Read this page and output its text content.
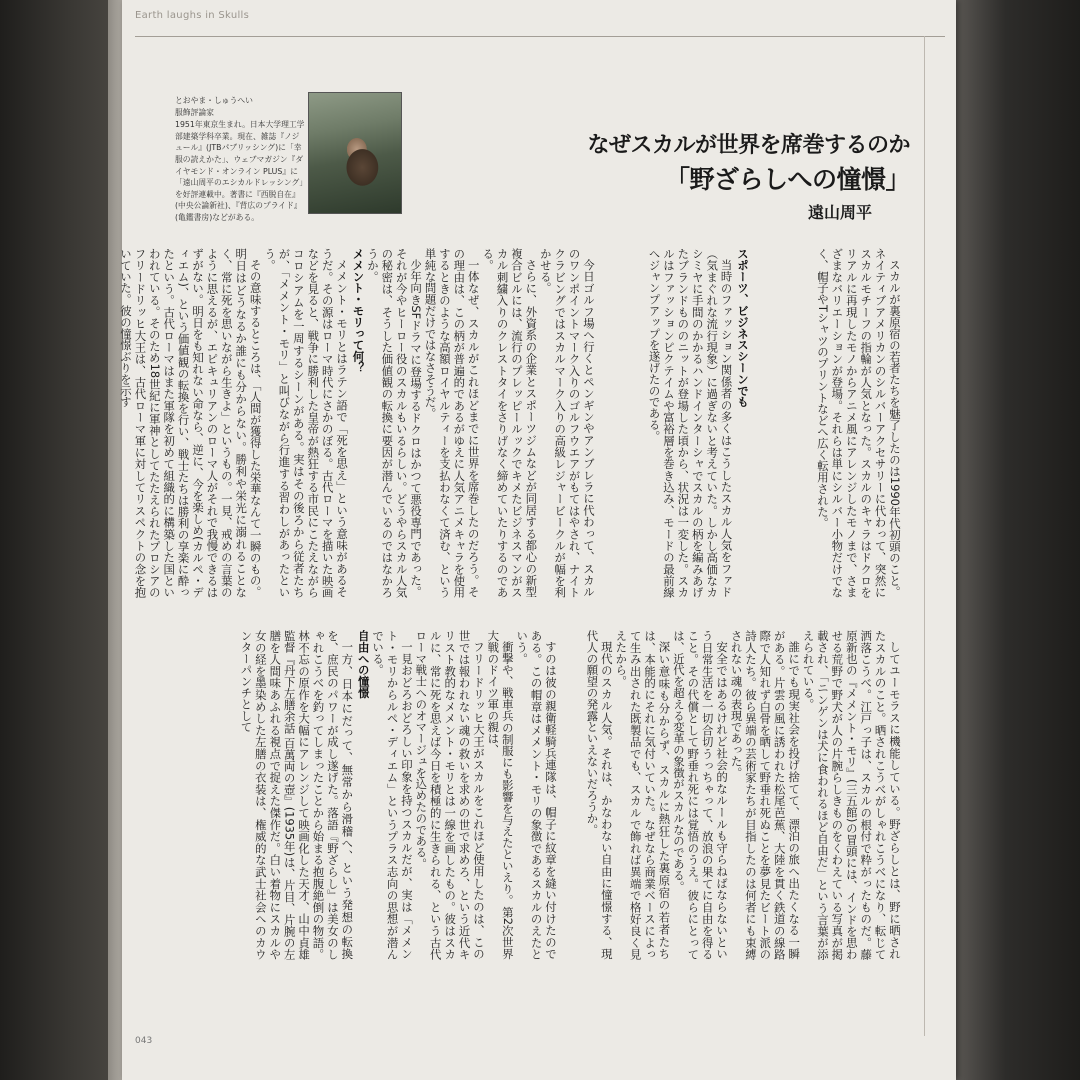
Earth laughs in Skulls
とおやま・しゅうへい
服飾評論家
1951年東京生まれ。日本大学理工学部建築学科卒業。現在、雑誌『ノジュール』(JTBパブリッシング)に「幸服の読えかた」、ウェブマガジン『ダイヤモンド・オンライン PLUS』に「遠山周平のエシカルドレッシング」を好評連載中。著書に『西脱自在』(中央公論新社)、『背広のプライド』(亀鑑書房)などがある。
なぜスカルが世界を席巻するのか
「野ざらしへの憧憬」
遠山周平

スカルが裏原宿の若者たちを魅了したのは1990年代初頭のこと。ネイティブアメリカンのシルバーアクセサリーに代わって、突然にスカルモチーフの指輪が人気となった。スカルのキャラはドクロをリアルに再現したモノからアニメ風にアレンジしたモノまで、さまざまなバリエーションが登場。それらは単にシルバー小物だけでなく、帽子やTシャツのプリントなどへ広く転用された。

スポーツ、ビジネスシーンでも

当時のファッション関係者の多くはこうしたスカル人気をファド（気まぐれな流行現象）に過ぎないと考えていた。しかし高価なカシミヤに手間のかかるハンドインターシャでスカルの柄を編みあげたブランドもののニットが登場した頃から、状況は一変した。スカルはファッションピクテイムや富裕層を巻き込み、モードの最前線へジャンプアップを遂げたのである。

今日ゴルフ場へ行くとペンギンやアンブレラに代わって、スカルのワンポイントマーク入りのゴルフウエアがもてはやされ、ナイトクラビングではスカルマーク入りの高級レジャービークルが幅を利かせる。

さらに、外資系の企業とスポーツジムなどが同居する都心の新型複合ビルには、流行のプレッピールックでキメたビジネスマンがスカル刺繍入りのクレストタイをさりげなく締めていたりするのである。

一体なぜ、スカルがこれほどまでに世界を席巻したのだろう。その理由は、この柄が普遍的であるがゆえに人気アニメキャラを使用するときのような高額ロイヤルティーを支払わなくて済む、という単純な問題だけではなさそうだ。

少年向きSFドラマに登場するドクロはかつて悪役専門であった。それが今やヒーロー役のスカルもいるらしい。どうやらスカル人気の秘密は、そうした価値観の転換に要因が潜んでいるのではなかろうか。

メメント・モリって何？

メメント・モリとはラテン語で「死を思え」という意味があるそうだ。その源はローマ時代にさかのぼる。古代ローマを描いた映画などを見ると、戦争に勝利した皇帝が熱狂する市民にこたえながらコロシアムを一周するシーンがある。実はその後ろから従者たちが、「メメント・モリ」と叫びながら行進する習わしがあったという。

その意味するところは、「人間が獲得した栄華なんて一瞬のもの。明日はどうなるか誰にも分からない。勝利や栄光に溺れることなく、常に死を思いながら生きよ」というもの。一見、戒めの言葉のように思えるが、エピキュリアンのローマ人がそれで我慢できるはずがない。明日をも知れない命なら、逆に、今を楽しめ(カルペ・ディエム)、という価値観の転換を行い、戦士たちは勝利の享楽に酔ったという。古代ローマはまた軍隊を初めて組織的に構築した国といわれている。そのため18世紀に軍神としてたたえられたプロシアのフリードリッヒ大王は、古代ローマ軍に対してリスペクトの念を抱いていた。彼の憧憬ぶりを示す

してユーモラスに機能している。野ざらしとは、野に晒されたスカルのこと。晒されこうべがしゃれこうべになり、転じて洒落こうべ。江戸っ子は、スカルの根付で粋がったものだ。藤原新也の『メメント・モリ』(三五館)の冒頭には、インドを思わせる荒野で野犬が人の片腕らしきものをくわえている写真が掲載され、「ニンゲンは犬に食われるほど自由だ」という言葉が添えられている。

誰にでも現実社会を投げ捨てて、漂泊の旅へ出たくなる一瞬がある。片雲の風に誘われた松尾芭蕉、大陸を貫く鉄道の線路際で人知れず白骨を晒して野垂れ死ぬことを夢見たビート派の詩人たち。彼ら異端の芸術家たちが目指したのは何者にも束縛されない魂の表現であった。

安全ではあるけれど社会的なルールも守らねばならないという日常生活を一切合切うっちゃって、放浪の果てに自由を得ること。その代償として野垂れ死には覚悟のうえ。彼らにとっては、近代を超える変革の象徴がスカルなのである。

深い意味も分からず、スカルに熱狂した裏原宿の若者たちは、本能的にそれに気付いていた。なぜなら商業ベースによって生み出された既製品でも、スカルで飾れば異端で格好良く見えたから。

現代のスカル人気。それは、かなわない自由に憧憬する、現代人の願望の発露といえないだろうか。

すのは彼の親衛軽騎兵連隊は、帽子に紋章を縫い付けたのである。この帽章はメメント・モリの象徴であるスカルのえたという。

衝撃や、戦車兵の制服にも影響を与えたといえり。第2次世界大戦のドイツ軍の親は、

フリードリッヒ大王がスカルをこれほど使用したのは、この世では報われない魂の救いを求めの世で求めろ、という近代キリスト教的なメメント・モリとは一線を画したもの。彼はスカルに、常に死を思えば今日を積極的に生きられる、という古代ローマ戦士へのオマージュを込めたのである。

一見おどろおどろしい印象を持つスカルだが、実は「メメント・モリからルペ・ディエム」というプラス志向の思想が潜んでいる。

自由への憧憬

一方、日本にだって、無常から滑稽へ、という発想の転換を、庶民のパワーが成し遂げた。落語『野ざらし』は美女のしゃれこうべを釣ってしまったことから始まる抱腹絶倒の物語。林不忘の原作を大幅にアレンジして映画化した天才、山中貞雄監督『丹下左膳余話 百萬両の壺』(1935年)は、片目、片腕の左膳を人間味あふれる視点で捉えた傑作だ。白い着物にスカルや女の経を墨染めした左膳の衣装は、権威的な武士社会へのカウンターパンチとして

043
